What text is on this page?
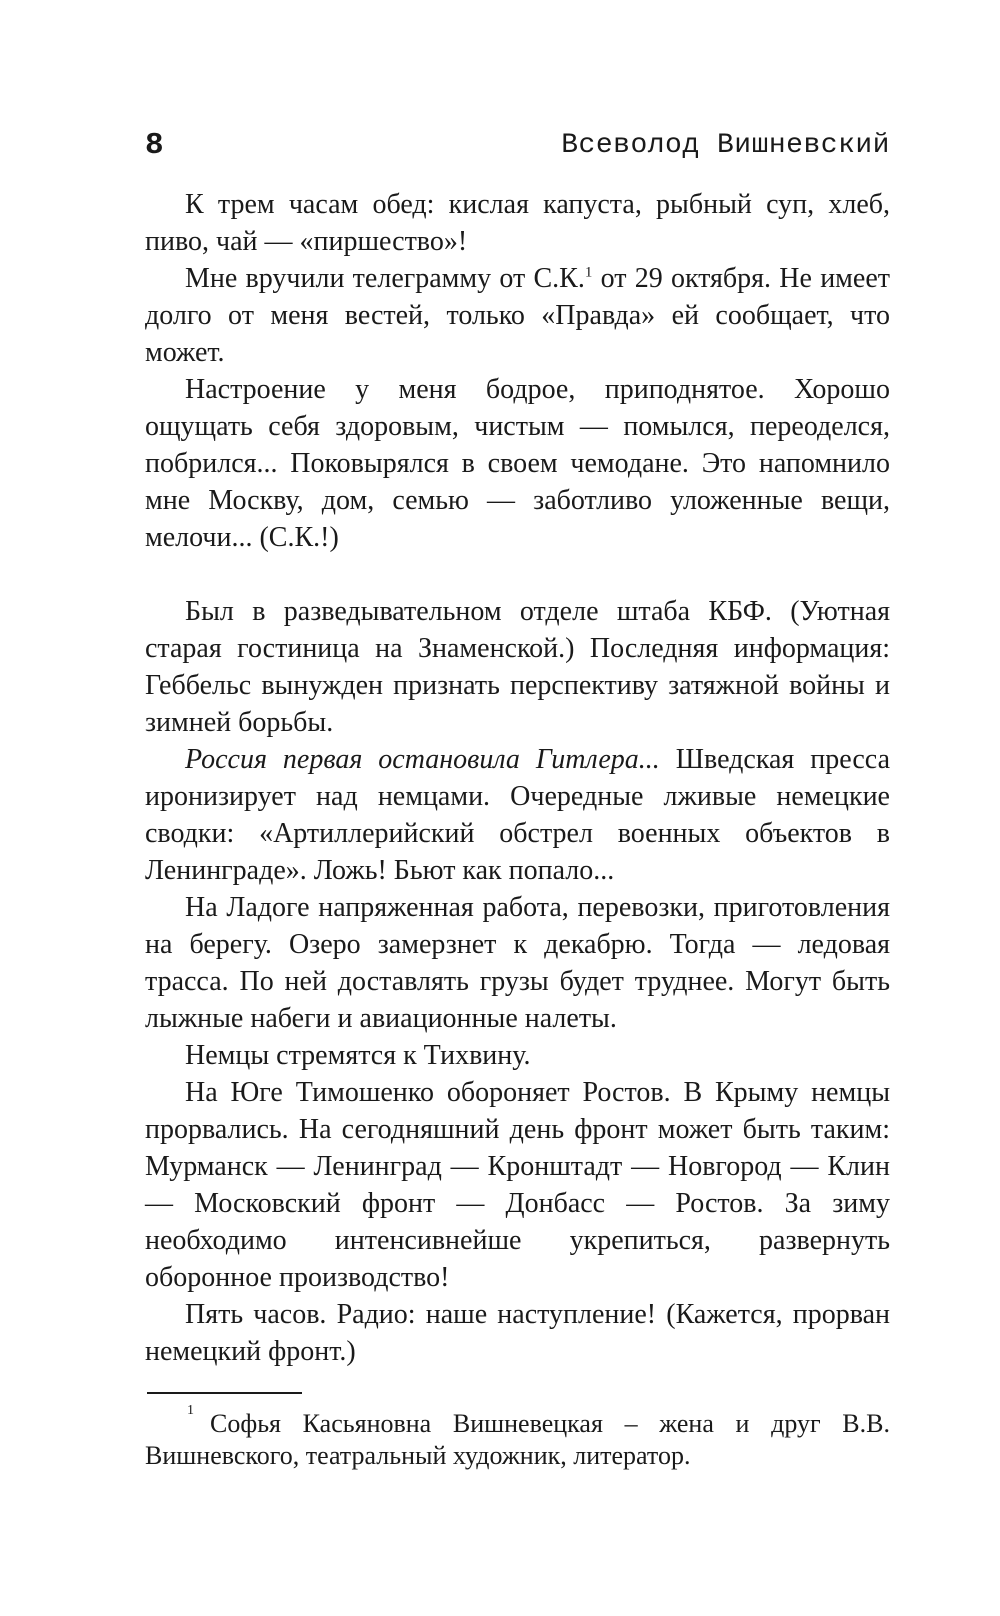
8	Всеволод Вишневский

К трем часам обед: кислая капуста, рыбный суп, хлеб, пиво, чай — «пиршество»!

Мне вручили телеграмму от С.К.$^1$ от 29 октября. Не имеет долго от меня вестей, только «Правда» ей сообщает, что может.

Настроение у меня бодрое, приподнятое. Хорошо ощущать себя здоровым, чистым — помылся, переоделся, побрился... Поковырялся в своем чемодане. Это напомнило мне Москву, дом, семью — заботливо уложенные вещи, мелочи... (С.К.!)

Был в разведывательном отделе штаба КБФ. (Уютная старая гостиница на Знаменской.) Последняя информация: Геббельс вынужден признать перспективу затяжной войны и зимней борьбы.

Россия первая остановила Гитлера... Шведская пресса иронизирует над немцами. Очередные лживые немецкие сводки: «Артиллерийский обстрел военных объектов в Ленинграде». Ложь! Бьют как попало...

На Ладоге напряженная работа, перевозки, приготовления на берегу. Озеро замерзнет к декабрю. Тогда — ледовая трасса. По ней доставлять грузы будет труднее. Могут быть лыжные набеги и авиационные налеты.

Немцы стремятся к Тихвину.

На Юге Тимошенко обороняет Ростов. В Крыму немцы прорвались. На сегодняшний день фронт может быть таким: Мурманск — Ленинград — Кронштадт — Новгород — Клин — Московский фронт — Донбасс — Ростов. За зиму необходимо интенсивнейше укрепиться, развернуть оборонное производство!

Пять часов. Радио: наше наступление! (Кажется, прорван немецкий фронт.)

$^1$ Софья Касьяновна Вишневецкая – жена и друг В.В. Вишневского, театральный художник, литератор.
